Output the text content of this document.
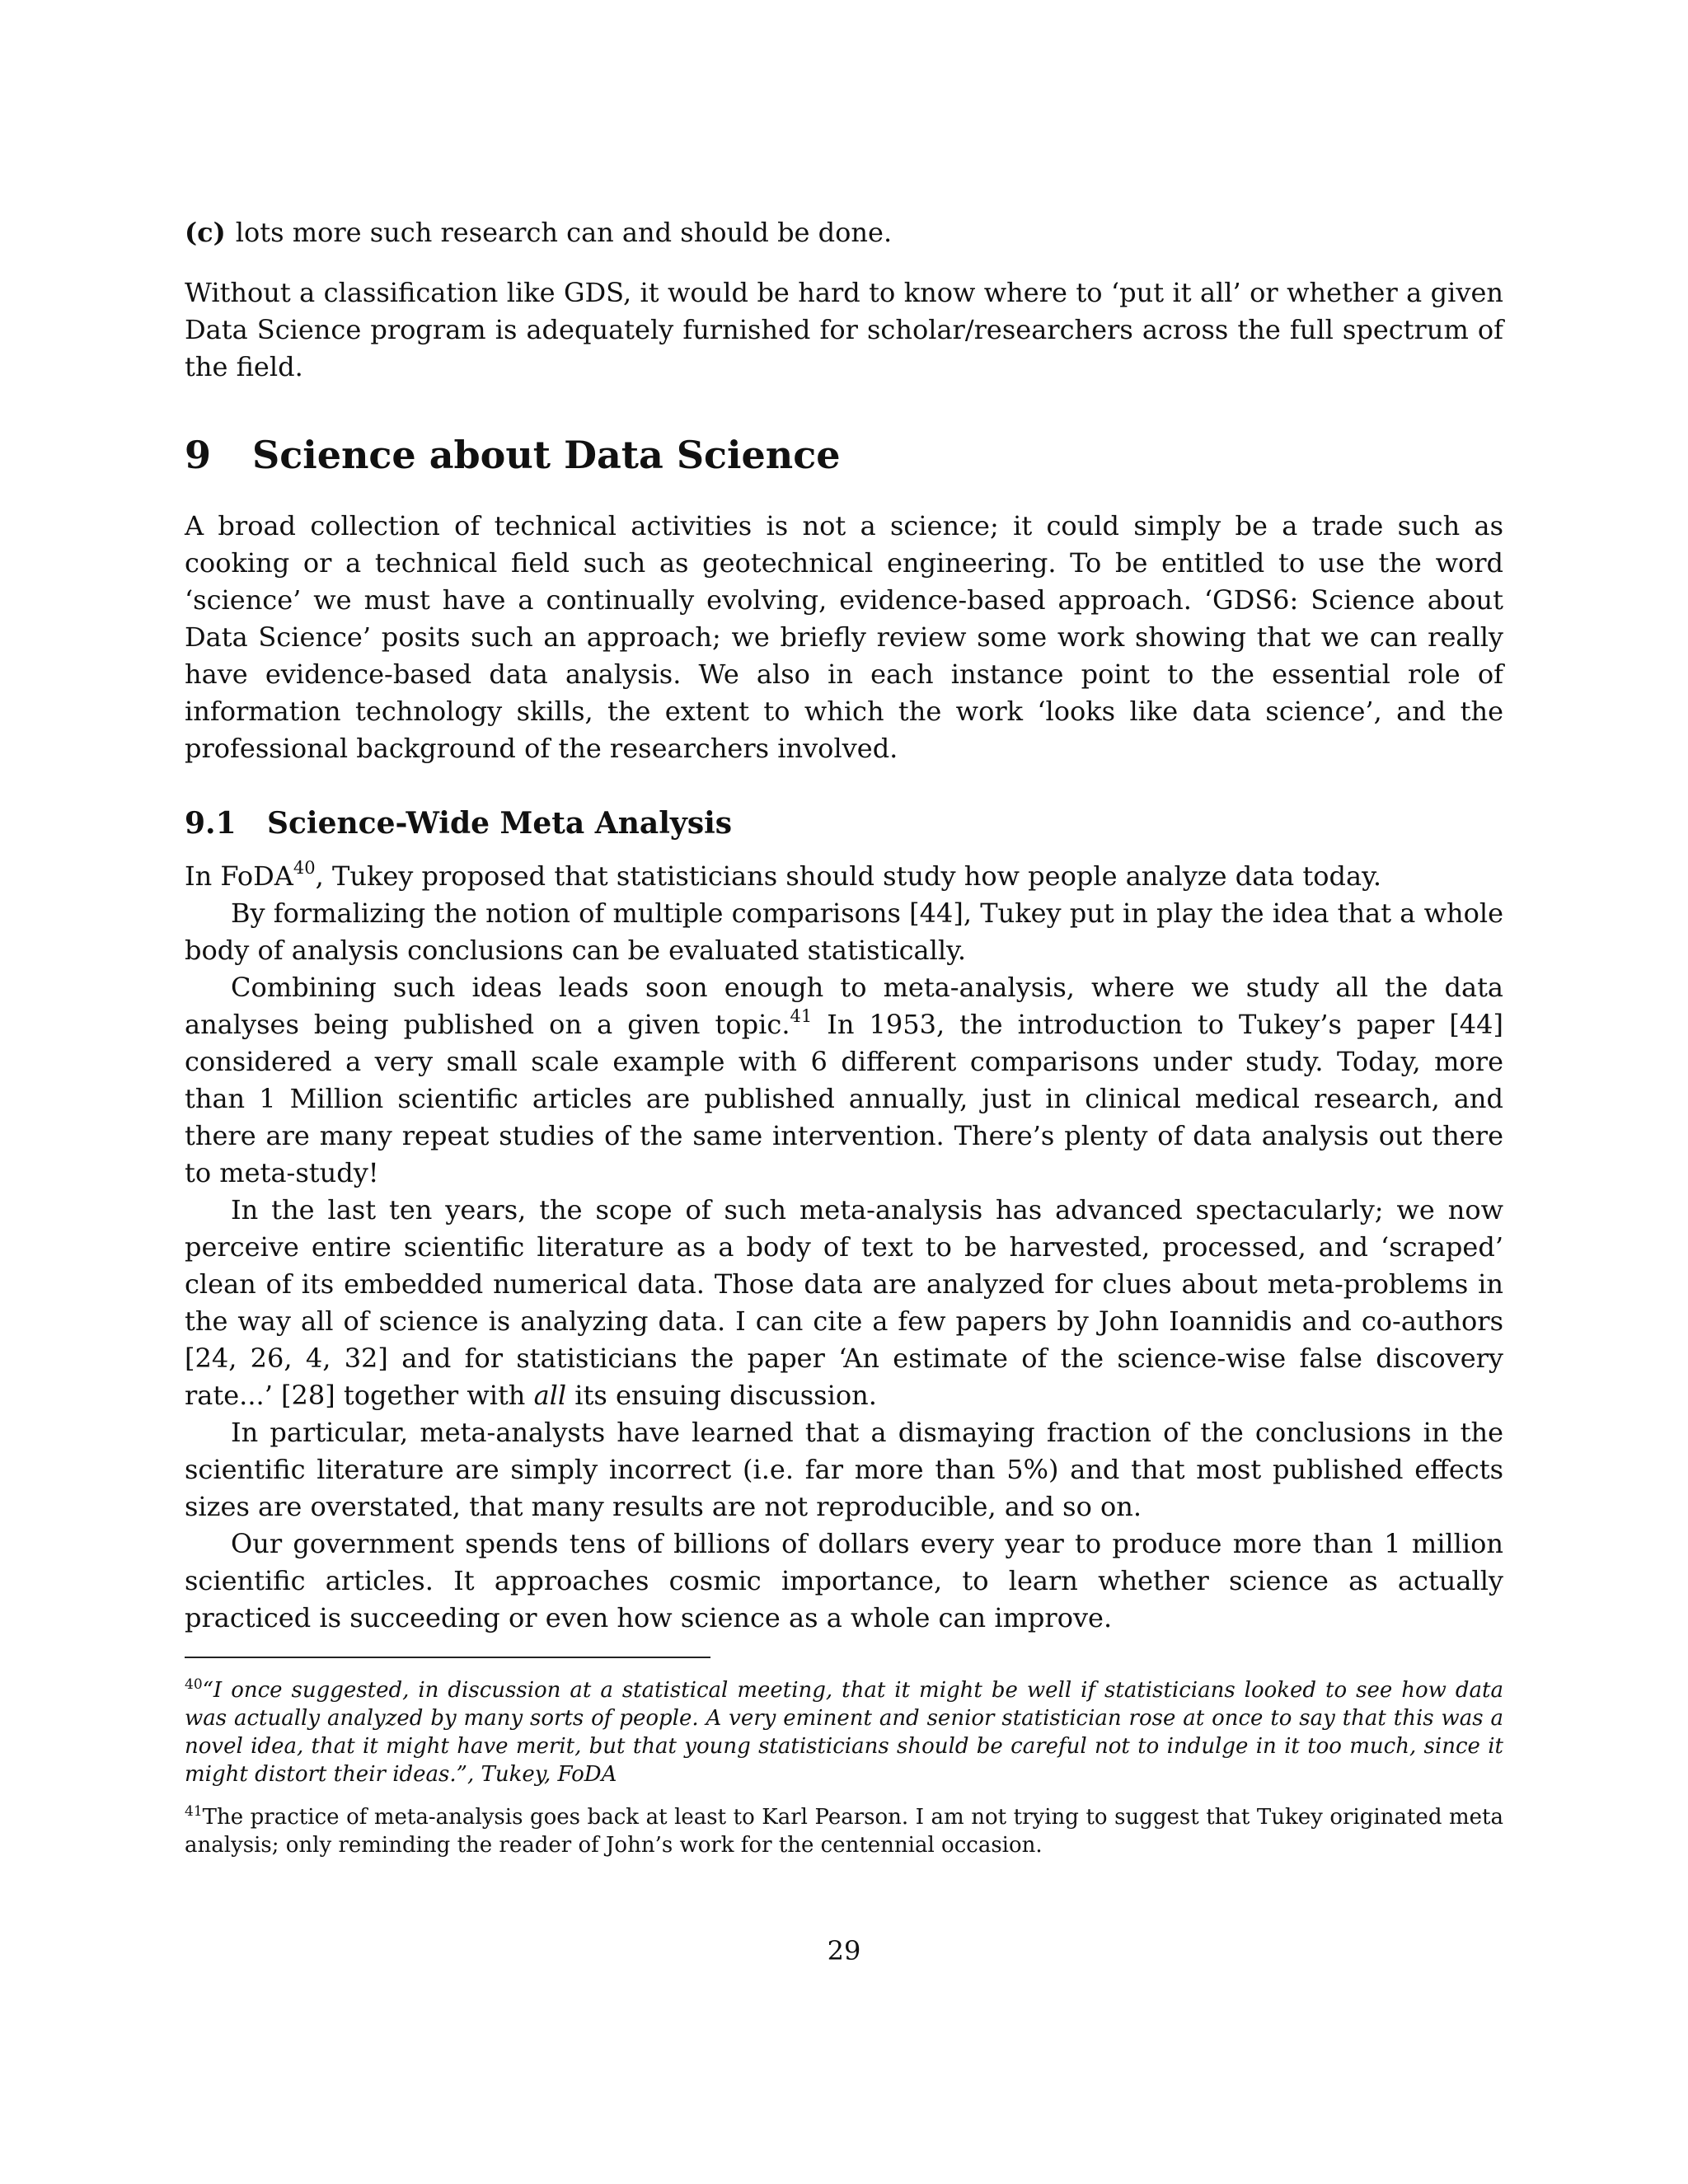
(c) lots more such research can and should be done.

Without a classification like GDS, it would be hard to know where to ‘put it all’ or whether a given Data Science program is adequately furnished for scholar/researchers across the full spectrum of the field.

9 Science about Data Science

A broad collection of technical activities is not a science; it could simply be a trade such as cooking or a technical field such as geotechnical engineering. To be entitled to use the word ‘science’ we must have a continually evolving, evidence-based approach. ‘GDS6: Science about Data Science’ posits such an approach; we briefly review some work showing that we can really have evidence-based data analysis. We also in each instance point to the essential role of information technology skills, the extent to which the work ‘looks like data science’, and the professional background of the researchers involved.

9.1 Science-Wide Meta Analysis

In FoDA$^{40}$, Tukey proposed that statisticians should study how people analyze data today.

By formalizing the notion of multiple comparisons [44], Tukey put in play the idea that a whole body of analysis conclusions can be evaluated statistically.

Combining such ideas leads soon enough to meta-analysis, where we study all the data analyses being published on a given topic.$^{41}$ In 1953, the introduction to Tukey’s paper [44] considered a very small scale example with 6 different comparisons under study. Today, more than 1 Million scientific articles are published annually, just in clinical medical research, and there are many repeat studies of the same intervention. There’s plenty of data analysis out there to meta-study!

In the last ten years, the scope of such meta-analysis has advanced spectacularly; we now perceive entire scientific literature as a body of text to be harvested, processed, and ‘scraped’ clean of its embedded numerical data. Those data are analyzed for clues about meta-problems in the way all of science is analyzing data. I can cite a few papers by John Ioannidis and co-authors [24, 26, 4, 32] and for statisticians the paper ‘An estimate of the science-wise false discovery rate...’ [28] together with all its ensuing discussion.

In particular, meta-analysts have learned that a dismaying fraction of the conclusions in the scientific literature are simply incorrect (i.e. far more than 5%) and that most published effects sizes are overstated, that many results are not reproducible, and so on.

Our government spends tens of billions of dollars every year to produce more than 1 million scientific articles. It approaches cosmic importance, to learn whether science as actually practiced is succeeding or even how science as a whole can improve.

$^{40}$“I once suggested, in discussion at a statistical meeting, that it might be well if statisticians looked to see how data was actually analyzed by many sorts of people. A very eminent and senior statistician rose at once to say that this was a novel idea, that it might have merit, but that young statisticians should be careful not to indulge in it too much, since it might distort their ideas.”, Tukey, FoDA

$^{41}$The practice of meta-analysis goes back at least to Karl Pearson. I am not trying to suggest that Tukey originated meta analysis; only reminding the reader of John’s work for the centennial occasion.

29
